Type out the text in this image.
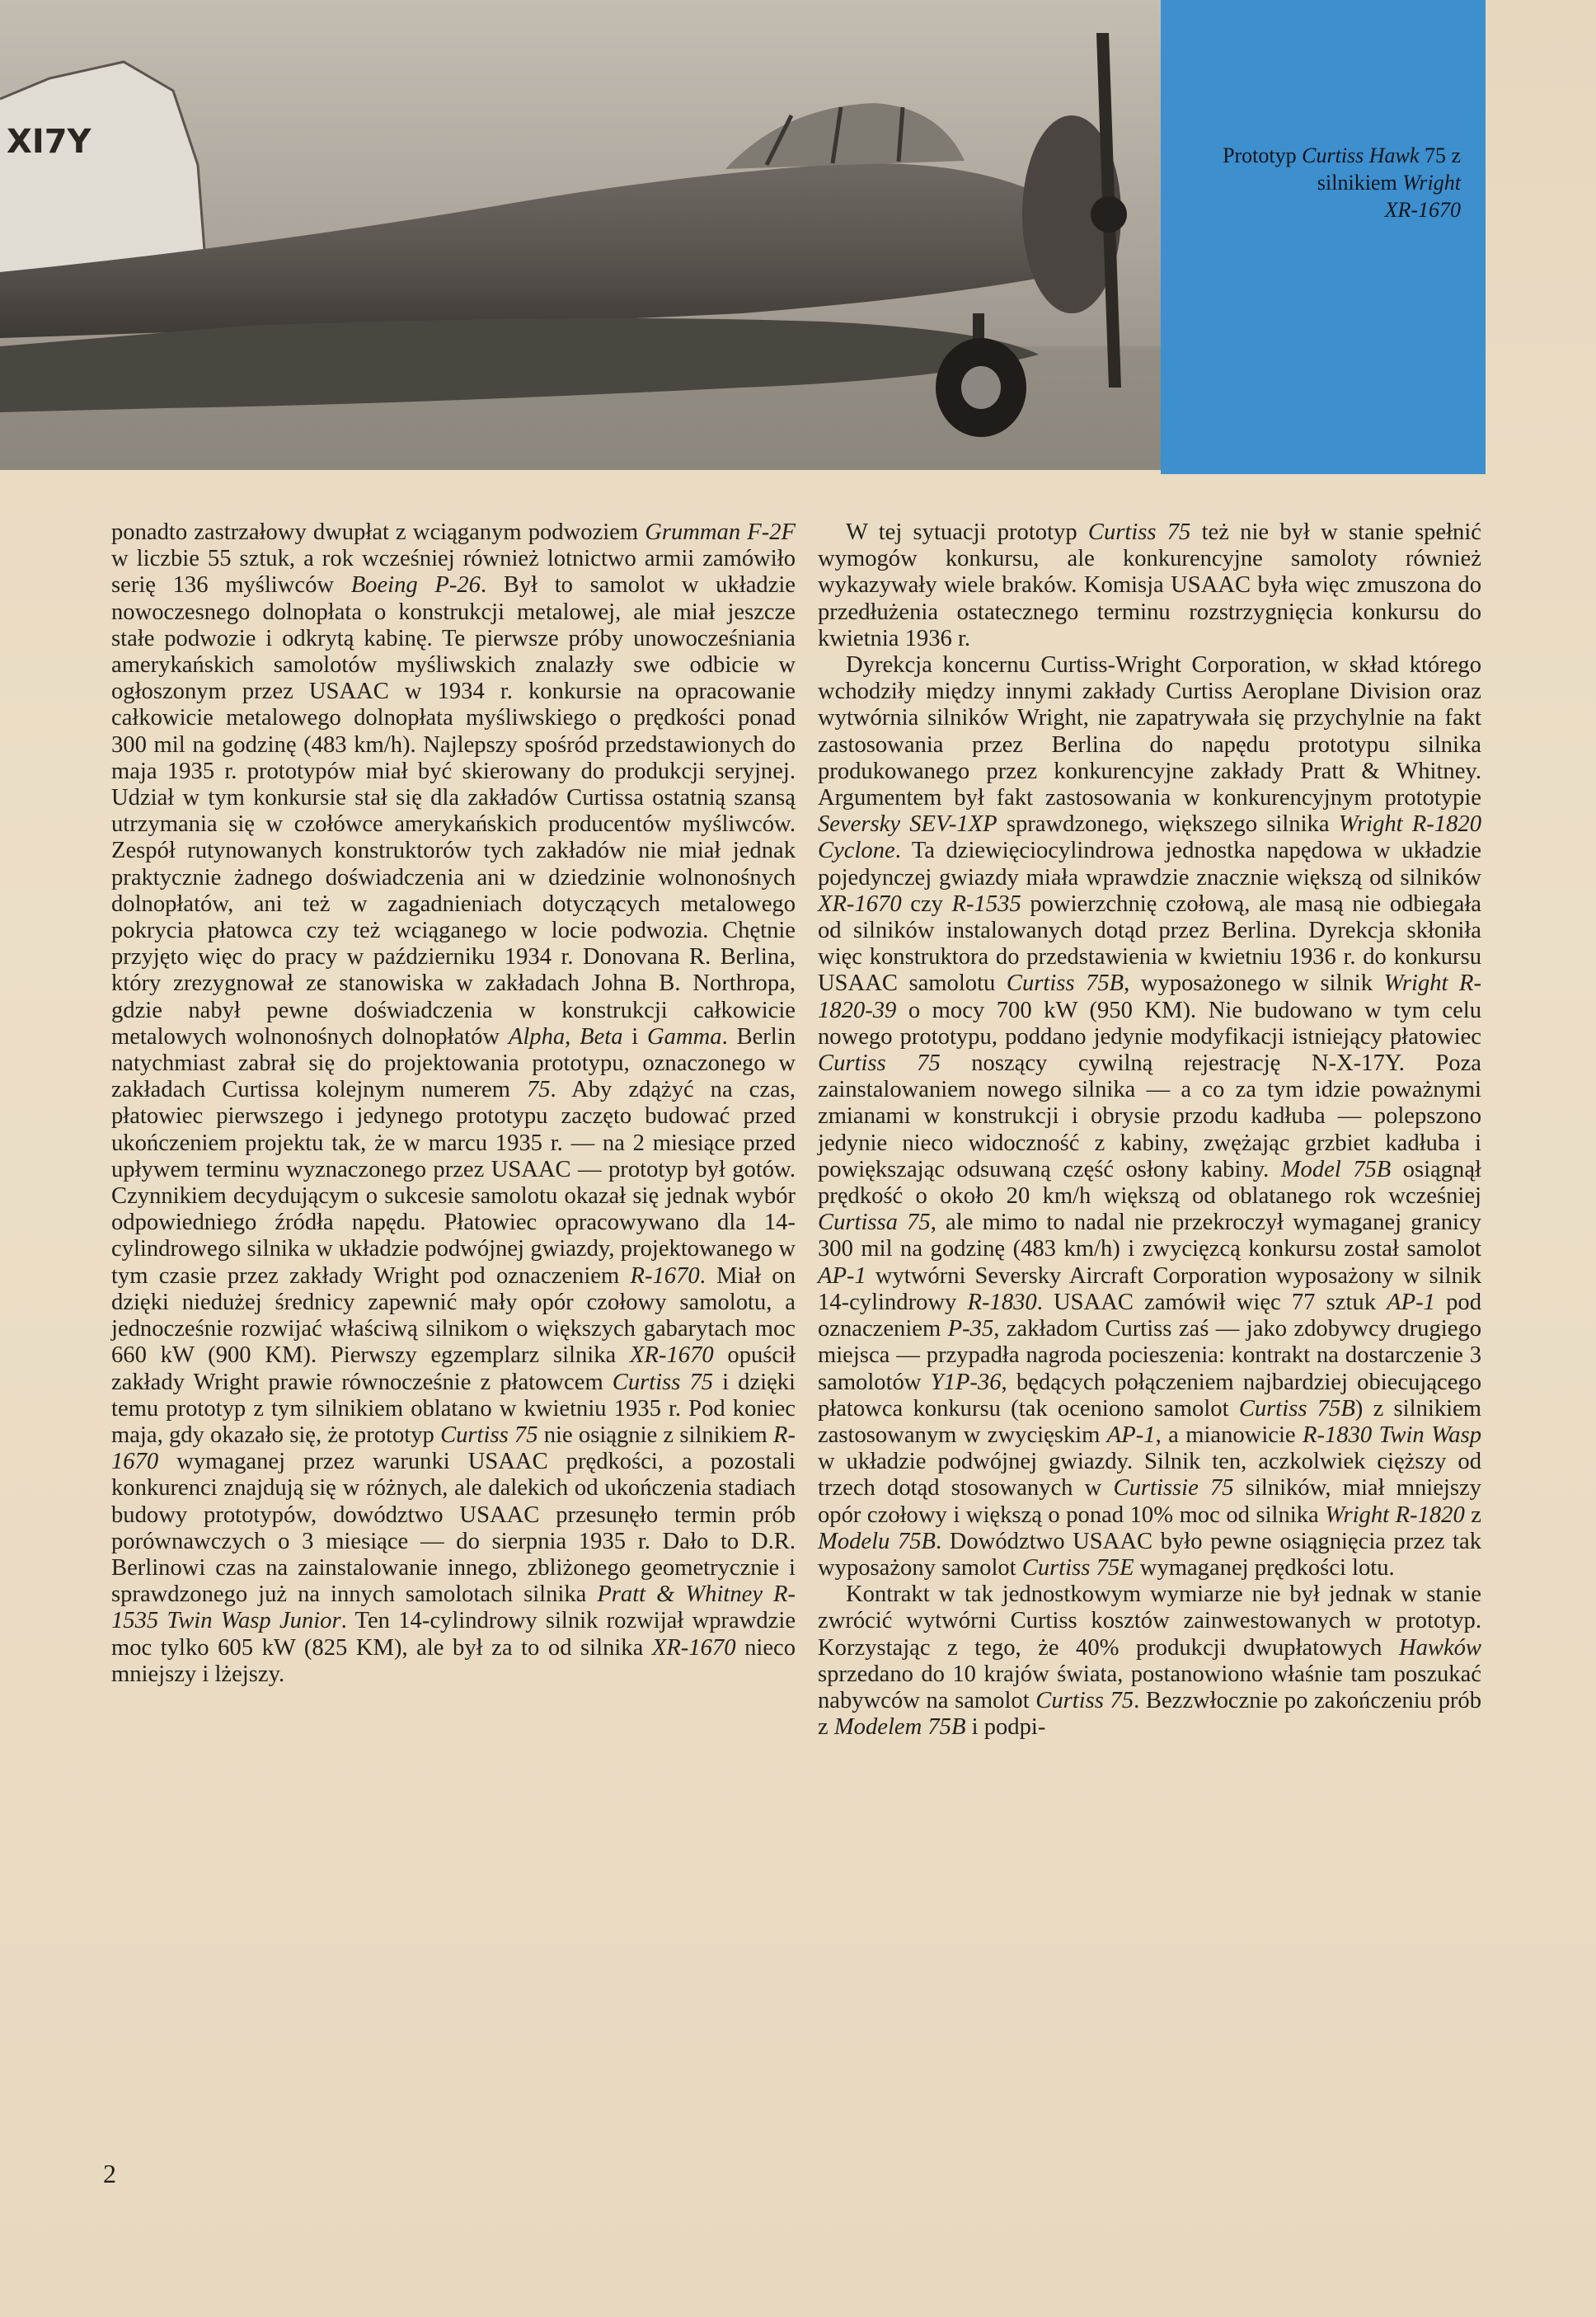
XI7Y	Prototyp Curtiss Hawk 75 z silnikiem Wright
XR-1670

ponadto zastrzałowy dwupłat z wciąganym podwoziem Grumman F-2F w liczbie 55 sztuk, a rok wcześniej również lotnictwo armii zamówiło serię 136 myśliwców Boeing P-26. Był to samolot w układzie nowoczesnego dolnopłata o konstrukcji metalowej, ale miał jeszcze stałe podwozie i odkrytą kabinę. Te pierwsze próby unowocześniania amerykańskich samolotów myśliwskich znalazły swe odbicie w ogłoszonym przez USAAC w 1934 r. konkursie na opracowanie całkowicie metalowego dolnopłata myśliwskiego o prędkości ponad 300 mil na godzinę (483 km/h). Najlepszy spośród przedstawionych do maja 1935 r. prototypów miał być skierowany do produkcji seryjnej. Udział w tym konkursie stał się dla zakładów Curtissa ostatnią szansą utrzymania się w czołówce amerykańskich producentów myśliwców. Zespół rutynowanych konstruktorów tych zakładów nie miał jednak praktycznie żadnego doświadczenia ani w dziedzinie wolnonośnych dolnopłatów, ani też w zagadnieniach dotyczących metalowego pokrycia płatowca czy też wciąganego w locie podwozia. Chętnie przyjęto więc do pracy w październiku 1934 r. Donovana R. Berlina, który zrezygnował ze stanowiska w zakładach Johna B. Northropa, gdzie nabył pewne doświadczenia w konstrukcji całkowicie metalowych wolnonośnych dolnopłatów Alpha, Beta i Gamma. Berlin natychmiast zabrał się do projektowania prototypu, oznaczonego w zakładach Curtissa kolejnym numerem 75. Aby zdążyć na czas, płatowiec pierwszego i jedynego prototypu zaczęto budować przed ukończeniem projektu tak, że w marcu 1935 r. — na 2 miesiące przed upływem terminu wyznaczonego przez USAAC — prototyp był gotów. Czynnikiem decydującym o sukcesie samolotu okazał się jednak wybór odpowiedniego źródła napędu. Płatowiec opracowywano dla 14-cylindrowego silnika w układzie podwójnej gwiazdy, projektowanego w tym czasie przez zakłady Wright pod oznaczeniem R-1670. Miał on dzięki niedużej średnicy zapewnić mały opór czołowy samolotu, a jednocześnie rozwijać właściwą silnikom o większych gabarytach moc 660 kW (900 KM). Pierwszy egzemplarz silnika XR-1670 opuścił zakłady Wright prawie równocześnie z płatowcem Curtiss 75 i dzięki temu prototyp z tym silnikiem oblatano w kwietniu 1935 r. Pod koniec maja, gdy okazało się, że prototyp Curtiss 75 nie osiągnie z silnikiem R-1670 wymaganej przez warunki USAAC prędkości, a pozostali konkurenci znajdują się w różnych, ale dalekich od ukończenia stadiach budowy prototypów, dowództwo USAAC przesunęło termin prób porównawczych o 3 miesiące — do sierpnia 1935 r. Dało to D.R. Berlinowi czas na zainstalowanie innego, zbliżonego geometrycznie i sprawdzonego już na innych samolotach silnika Pratt & Whitney R-1535 Twin Wasp Junior. Ten 14-cylindrowy silnik rozwijał wprawdzie moc tylko 605 kW (825 KM), ale był za to od silnika XR-1670 nieco mniejszy i lżejszy.

W tej sytuacji prototyp Curtiss 75 też nie był w stanie spełnić wymogów konkursu, ale konkurencyjne samoloty również wykazywały wiele braków. Komisja USAAC była więc zmuszona do przedłużenia ostatecznego terminu rozstrzygnięcia konkursu do kwietnia 1936 r.

Dyrekcja koncernu Curtiss-Wright Corporation, w skład którego wchodziły między innymi zakłady Curtiss Aeroplane Division oraz wytwórnia silników Wright, nie zapatrywała się przychylnie na fakt zastosowania przez Berlina do napędu prototypu silnika produkowanego przez konkurencyjne zakłady Pratt & Whitney. Argumentem był fakt zastosowania w konkurencyjnym prototypie Seversky SEV-1XP sprawdzonego, większego silnika Wright R-1820 Cyclone. Ta dziewięciocylindrowa jednostka napędowa w układzie pojedynczej gwiazdy miała wprawdzie znacznie większą od silników XR-1670 czy R-1535 powierzchnię czołową, ale masą nie odbiegała od silników instalowanych dotąd przez Berlina. Dyrekcja skłoniła więc konstruktora do przedstawienia w kwietniu 1936 r. do konkursu USAAC samolotu Curtiss 75B, wyposażonego w silnik Wright R-1820-39 o mocy 700 kW (950 KM). Nie budowano w tym celu nowego prototypu, poddano jedynie modyfikacji istniejący płatowiec Curtiss 75 noszący cywilną rejestrację N-X-17Y. Poza zainstalowaniem nowego silnika — a co za tym idzie poważnymi zmianami w konstrukcji i obrysie przodu kadłuba — polepszono jedynie nieco widoczność z kabiny, zwężając grzbiet kadłuba i powiększając odsuwaną część osłony kabiny. Model 75B osiągnął prędkość o około 20 km/h większą od oblatanego rok wcześniej Curtissa 75, ale mimo to nadal nie przekroczył wymaganej granicy 300 mil na godzinę (483 km/h) i zwycięzcą konkursu został samolot AP-1 wytwórni Seversky Aircraft Corporation wyposażony w silnik 14-cylindrowy R-1830. USAAC zamówił więc 77 sztuk AP-1 pod oznaczeniem P-35, zakładom Curtiss zaś — jako zdobywcy drugiego miejsca — przypadła nagroda pocieszenia: kontrakt na dostarczenie 3 samolotów Y1P-36, będących połączeniem najbardziej obiecującego płatowca konkursu (tak oceniono samolot Curtiss 75B) z silnikiem zastosowanym w zwycięskim AP-1, a mianowicie R-1830 Twin Wasp w układzie podwójnej gwiazdy. Silnik ten, aczkolwiek cięższy od trzech dotąd stosowanych w Curtissie 75 silników, miał mniejszy opór czołowy i większą o ponad 10% moc od silnika Wright R-1820 z Modelu 75B. Dowództwo USAAC było pewne osiągnięcia przez tak wyposażony samolot Curtiss 75E wymaganej prędkości lotu.

Kontrakt w tak jednostkowym wymiarze nie był jednak w stanie zwrócić wytwórni Curtiss kosztów zainwestowanych w prototyp. Korzystając z tego, że 40% produkcji dwupłatowych Hawków sprzedano do 10 krajów świata, postanowiono właśnie tam poszukać nabywców na samolot Curtiss 75. Bezzwłocznie po zakończeniu prób z Modelem 75B i podpi-

2
